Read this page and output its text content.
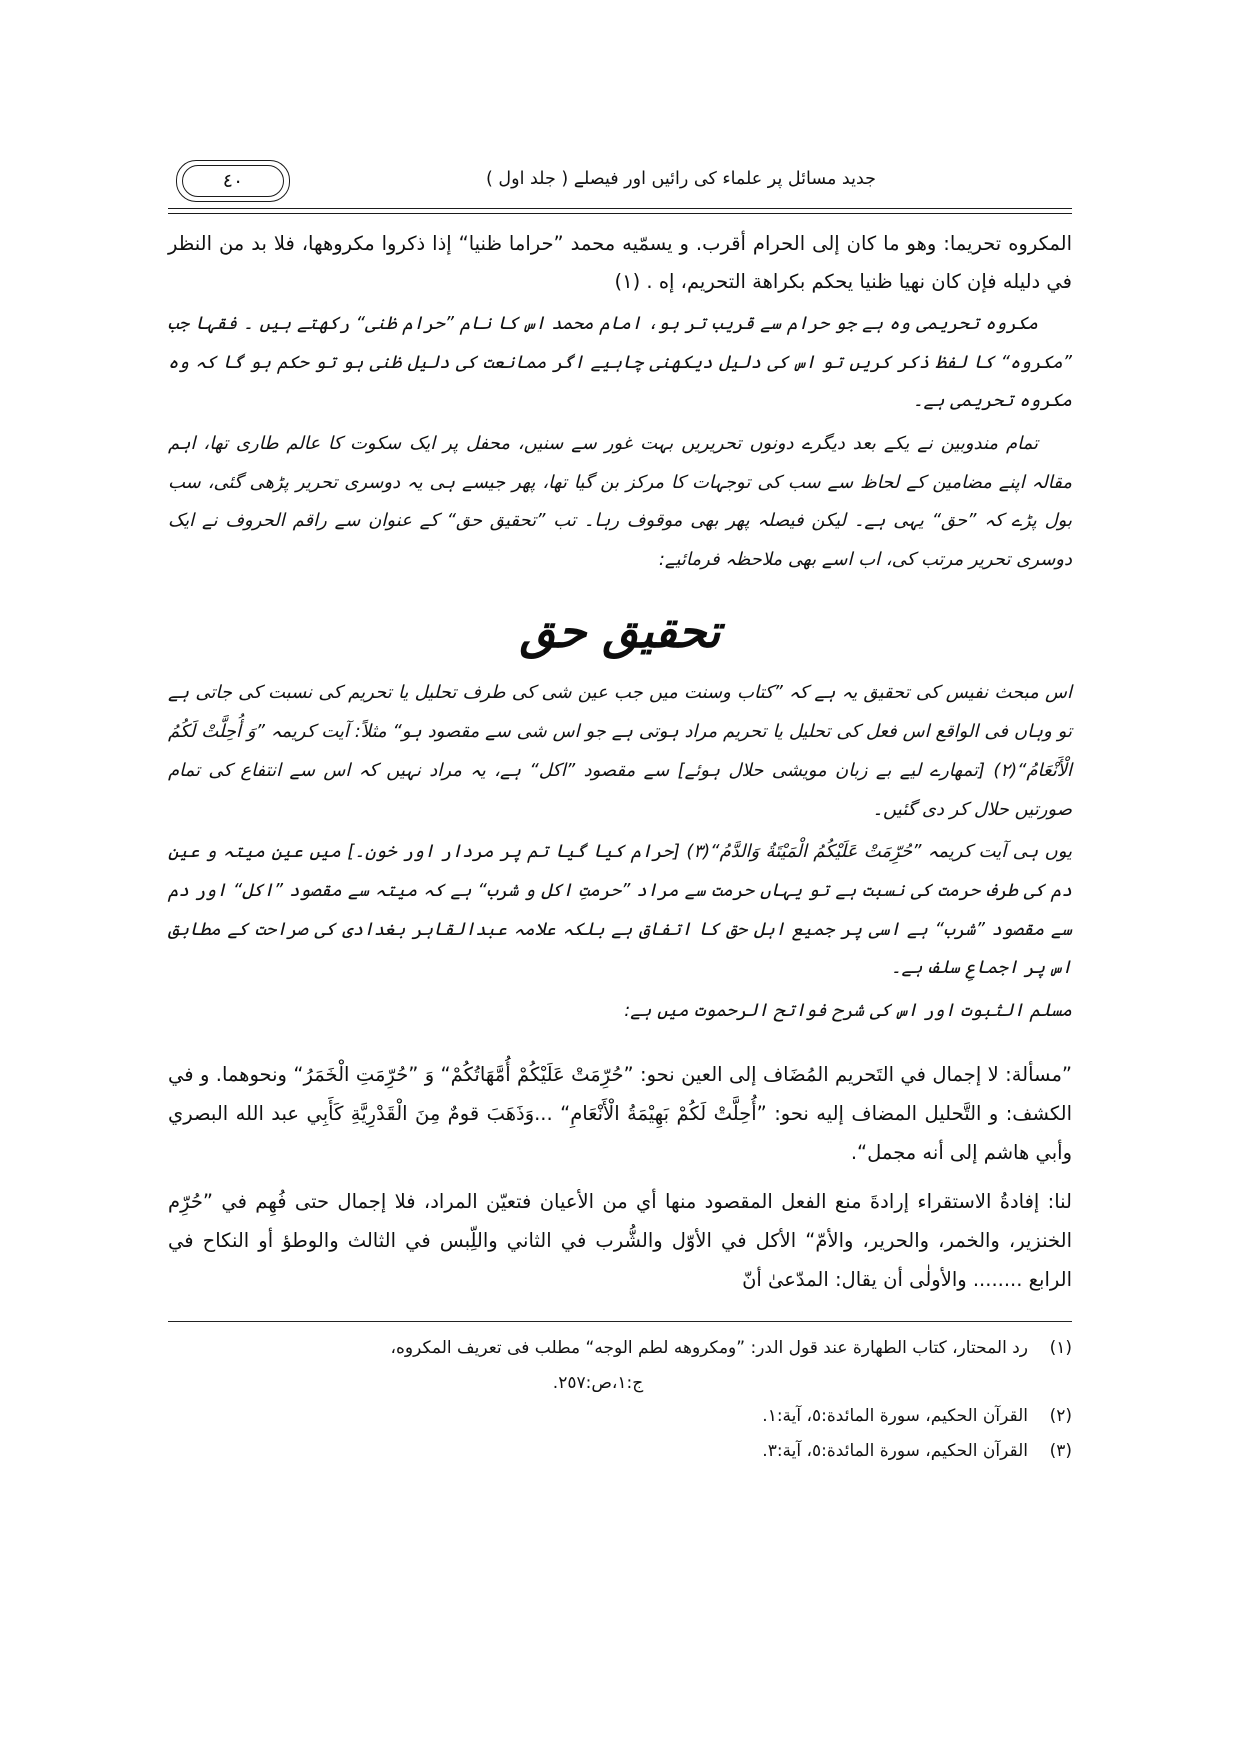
جدید مسائل پر علماء کی رائیں اور فیصلے ( جلد اول )
٤٠

المكروه تحريما: وهو ما كان إلى الحرام أقرب. و يسمّيه محمد ”حراما ظنيا“ إذا ذكروا مكروهها، فلا بد من النظر في دليله فإن كان نهيا ظنيا يحكم بكراهة التحريم، إه . (١)

مکروہ تحریمی وہ ہے جو حرام سے قریب تر ہو، امام محمد اس کا نام ”حرام ظنی“ رکھتے ہیں ۔ فقہا جب ”مکروہ“ کا لفظ ذکر کریں تو اس کی دلیل دیکھنی چاہیے اگر ممانعت کی دلیل ظنی ہو تو حکم ہو گا کہ وہ مکروہ تحریمی ہے۔

تمام مندوبین نے یکے بعد دیگرے دونوں تحریریں بہت غور سے سنیں، محفل پر ایک سکوت کا عالم طاری تھا، اہم مقالہ اپنے مضامین کے لحاظ سے سب کی توجہات کا مرکز بن گیا تھا، پھر جیسے ہی یہ دوسری تحریر پڑھی گئی، سب بول پڑے کہ ”حق“ یہی ہے۔ لیکن فیصلہ پھر بھی موقوف رہا۔ تب ”تحقیق حق“ کے عنوان سے راقم الحروف نے ایک دوسری تحریر مرتب کی، اب اسے بھی ملاحظہ فرمائیے:

تحقیق حق

اس مبحث نفیس کی تحقیق یہ ہے کہ ”کتاب وسنت میں جب عین شی کی طرف تحلیل یا تحریم کی نسبت کی جاتی ہے تو وہاں فی الواقع اس فعل کی تحلیل یا تحریم مراد ہوتی ہے جو اس شی سے مقصود ہو“ مثلاً: آیت کریمہ ”وَ أُحِلَّتْ لَكُمُ الْأَنْعَامُ“(٢) [تمھارے لیے بے زبان مویشی حلال ہوئے] سے مقصود ”اکل“ ہے، یہ مراد نہیں کہ اس سے انتفاع کی تمام صورتیں حلال کر دی گئیں۔

یوں ہی آیت کریمہ ”حُرِّمَتْ عَلَيْكُمُ الْمَيْتَةُ وَالدَّمُ“(٣) [حرام کیا گیا تم پر مردار اور خون۔] میں عین میتہ و عین دم کی طرف حرمت کی نسبت ہے تو یہاں حرمت سے مراد ”حرمتِ اکل و شرب“ ہے کہ میتہ سے مقصود ”اکل“ اور دم سے مقصود ”شرب“ ہے اسی پر جمیع اہل حق کا اتفاق ہے بلکہ علامہ عبدالقاہر بغدادی کی صراحت کے مطابق اس پر اجماعِ سلف ہے۔

مسلم الثبوت اور اس کی شرح فواتح الرحموت میں ہے:

”مسألة: لا إجمال في التَحريم المُضَاف إلى العين نحو: ”حُرِّمَتْ عَلَيْكُمْ أُمَّهَاتُكُمْ“ وَ ”حُرِّمَتِ الْخَمَرُ“ ونحوهما. و في الكشف: و التَّحليل المضاف إليه نحو: ”أُحِلَّتْ لَكُمْ بَهِيْمَةُ الْأَنْعَامِ“ ...وَذَهَبَ قومٌ مِنَ الْقَدْرِيَّةِ كَأَبِي عبد الله البصري وأبي هاشم إلى أنه مجمل“.

لنا: إفادةُ الاستقراء إرادةَ منع الفعل المقصود منها أي من الأعيان فتعيّن المراد، فلا إجمال حتى فُهِم في ”حُرِّم الخنزير، والخمر، والحرير، والأمّ“ الأكل في الأوّل والشُّرب في الثاني واللِّبس في الثالث والوطؤ أو النكاح في الرابع ........ والأولٰى أن يقال: المدّعىٰ أنّ

(١)
رد المحتار، كتاب الطهارة عند قول الدر: ”ومكروهه لطم الوجه“ مطلب فى تعريف المكروه،
ج:١،ص:٢٥٧.
(٢)
القرآن الحكيم، سورة المائدة:٥، آية:١.
(٣)
القرآن الحكيم، سورة المائدة:٥، آية:٣.
